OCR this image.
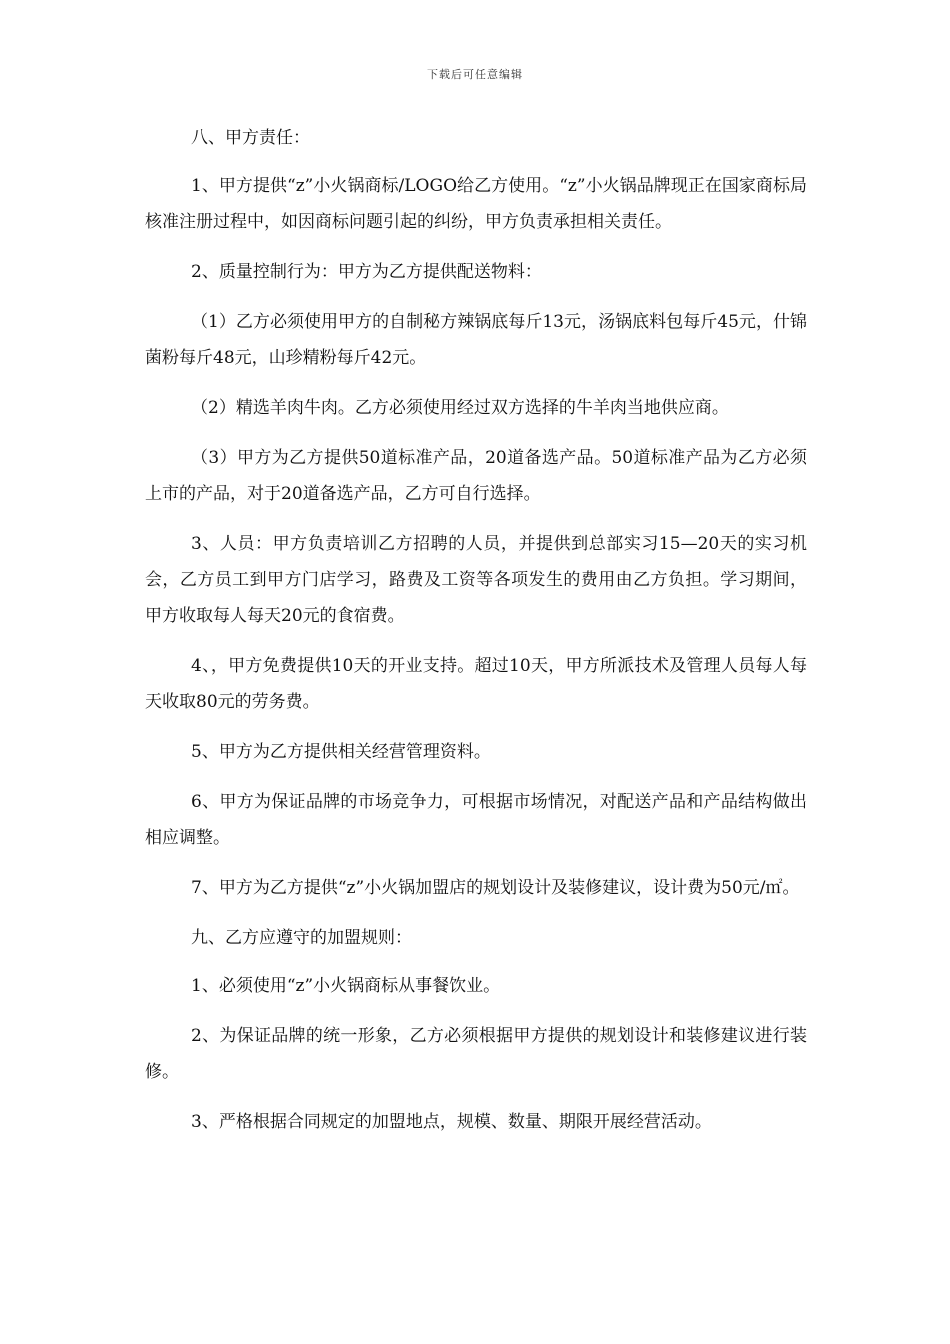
下载后可任意编辑

八、甲方责任：

1、甲方提供“z”小火锅商标/LOGO给乙方使用。“z”小火锅品牌现正在国家商标局核准注册过程中，如因商标问题引起的纠纷，甲方负责承担相关责任。

2、质量控制行为：甲方为乙方提供配送物料：

（1）乙方必须使用甲方的自制秘方辣锅底每斤13元，汤锅底料包每斤45元，什锦菌粉每斤48元，山珍精粉每斤42元。

（2）精选羊肉牛肉。乙方必须使用经过双方选择的牛羊肉当地供应商。

（3）甲方为乙方提供50道标准产品，20道备选产品。50道标准产品为乙方必须上市的产品，对于20道备选产品，乙方可自行选择。

3、人员：甲方负责培训乙方招聘的人员，并提供到总部实习15—20天的实习机会，乙方员工到甲方门店学习，路费及工资等各项发生的费用由乙方负担。学习期间，甲方收取每人每天20元的食宿费。

4、，甲方免费提供10天的开业支持。超过10天，甲方所派技术及管理人员每人每天收取80元的劳务费。

5、甲方为乙方提供相关经营管理资料。

6、甲方为保证品牌的市场竞争力，可根据市场情况，对配送产品和产品结构做出相应调整。

7、甲方为乙方提供“z”小火锅加盟店的规划设计及装修建议，设计费为50元/㎡。

九、乙方应遵守的加盟规则：

1、必须使用“z”小火锅商标从事餐饮业。

2、为保证品牌的统一形象，乙方必须根据甲方提供的规划设计和装修建议进行装修。

3、严格根据合同规定的加盟地点，规模、数量、期限开展经营活动。
